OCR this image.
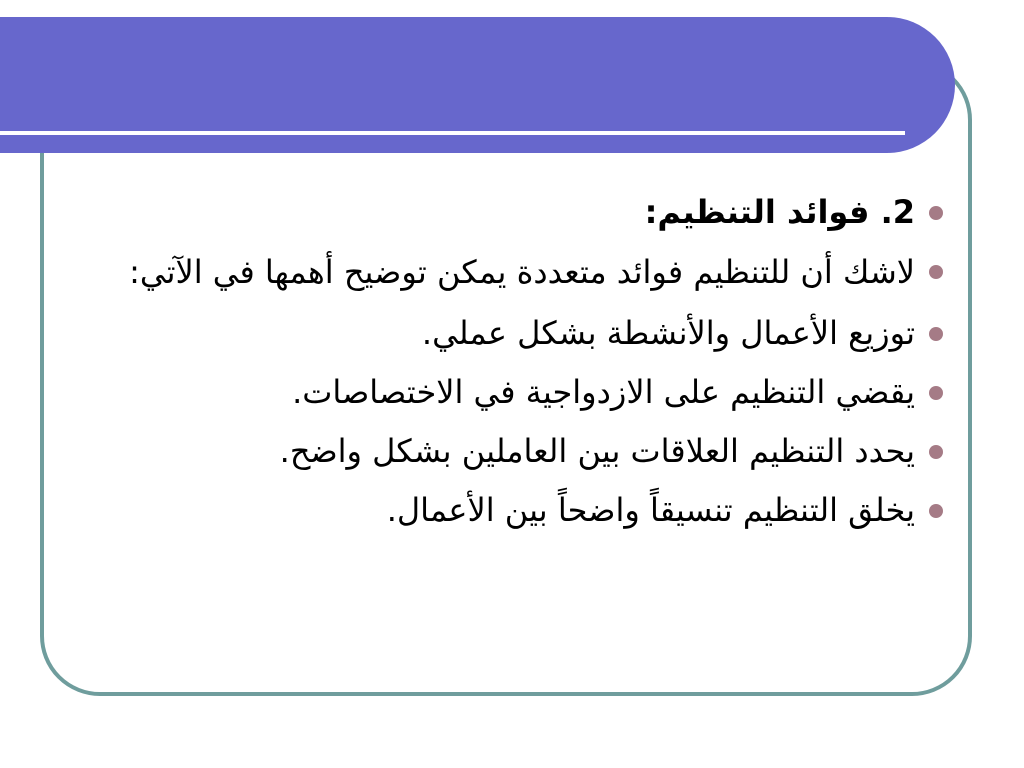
2. فوائد التنظيم:
لاشك أن للتنظيم فوائد متعددة يمكن توضيح أهمها في الآتي:
توزيع الأعمال والأنشطة بشكل عملي.
يقضي التنظيم على الازدواجية في الاختصاصات.
يحدد التنظيم العلاقات بين العاملين بشكل واضح.
يخلق التنظيم تنسيقاً واضحاً بين الأعمال.
